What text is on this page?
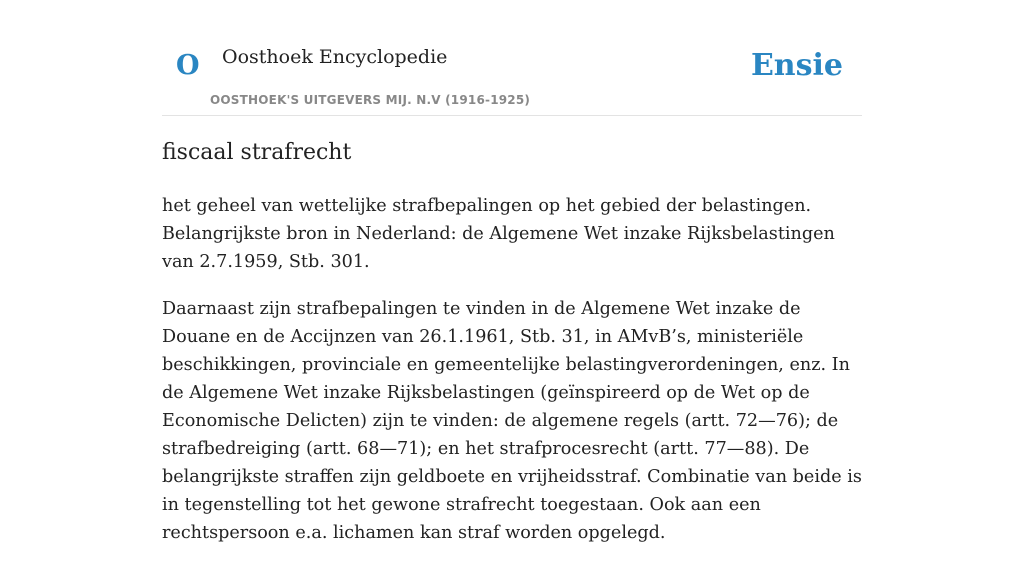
O Oosthoek Encyclopedie
OOSTHOEK'S UITGEVERS MIJ. N.V (1916-1925)
Ensie
fiscaal strafrecht

het geheel van wettelijke strafbepalingen op het gebied der belastingen. Belangrijkste bron in Nederland: de Algemene Wet inzake Rijksbelastingen van 2.7.1959, Stb. 301.

Daarnaast zijn strafbepalingen te vinden in de Algemene Wet inzake de Douane en de Accijnzen van 26.1.1961, Stb. 31, in AMvB’s, ministeriële beschikkingen, provinciale en gemeentelijke belastingverordeningen, enz. In de Algemene Wet inzake Rijksbelastingen (geïnspireerd op de Wet op de Economische Delicten) zijn te vinden: de algemene regels (artt. 72—76); de strafbedreiging (artt. 68—71); en het strafprocesrecht (artt. 77—88). De belangrijkste straffen zijn geldboete en vrijheidsstraf. Combinatie van beide is in tegenstelling tot het gewone strafrecht toegestaan. Ook aan een rechtspersoon e.a. lichamen kan straf worden opgelegd.
